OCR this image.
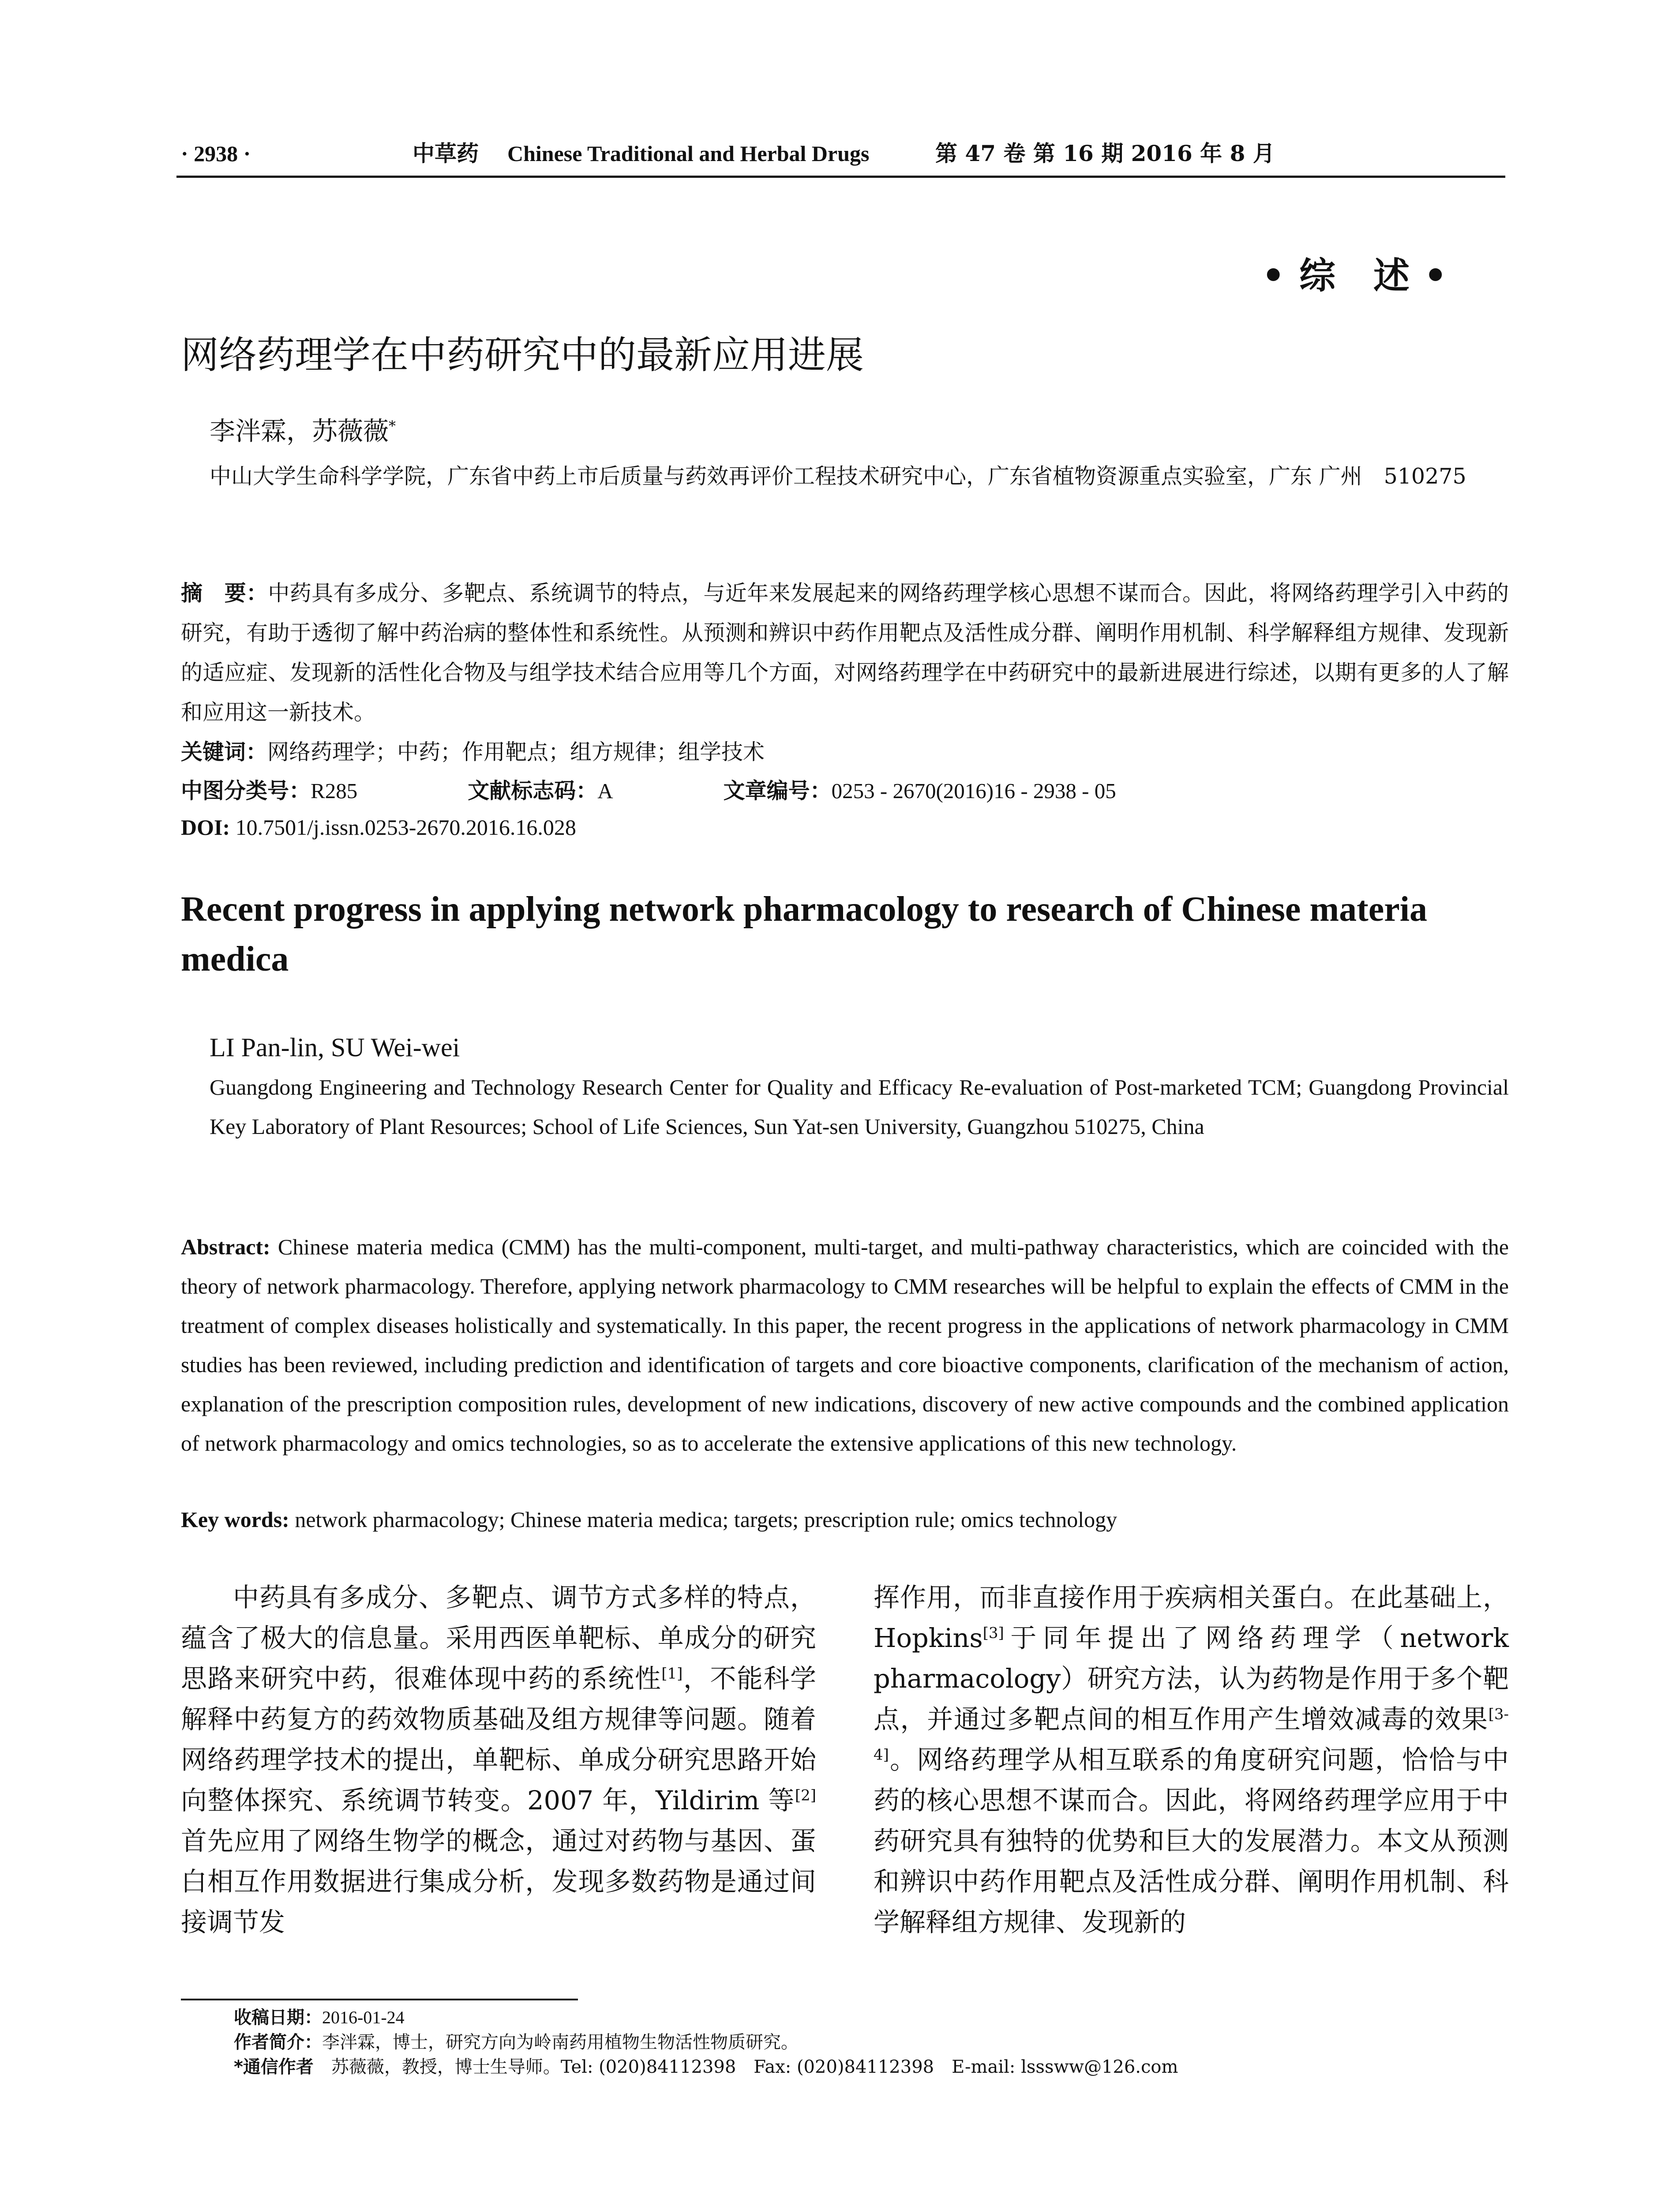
· 2938 ·	中草药 Chinese Traditional and Herbal Drugs	第 47 卷 第 16 期 2016 年 8 月
• 综　述 •
网络药理学在中药研究中的最新应用进展
李泮霖，苏薇薇*
中山大学生命科学学院，广东省中药上市后质量与药效再评价工程技术研究中心，广东省植物资源重点实验室，广东 广州　510275
摘　要：中药具有多成分、多靶点、系统调节的特点，与近年来发展起来的网络药理学核心思想不谋而合。因此，将网络药理学引入中药的研究，有助于透彻了解中药治病的整体性和系统性。从预测和辨识中药作用靶点及活性成分群、阐明作用机制、科学解释组方规律、发现新的适应症、发现新的活性化合物及与组学技术结合应用等几个方面，对网络药理学在中药研究中的最新进展进行综述，以期有更多的人了解和应用这一新技术。
关键词：网络药理学；中药；作用靶点；组方规律；组学技术
中图分类号：R285	文献标志码：A	文章编号：0253 - 2670(2016)16 - 2938 - 05
DOI: 10.7501/j.issn.0253-2670.2016.16.028
Recent progress in applying network pharmacology to research of Chinese materia medica
LI Pan-lin, SU Wei-wei
Guangdong Engineering and Technology Research Center for Quality and Efficacy Re-evaluation of Post-marketed TCM; Guangdong Provincial Key Laboratory of Plant Resources; School of Life Sciences, Sun Yat-sen University, Guangzhou 510275, China
Abstract: Chinese materia medica (CMM) has the multi-component, multi-target, and multi-pathway characteristics, which are coincided with the theory of network pharmacology. Therefore, applying network pharmacology to CMM researches will be helpful to explain the effects of CMM in the treatment of complex diseases holistically and systematically. In this paper, the recent progress in the applications of network pharmacology in CMM studies has been reviewed, including prediction and identification of targets and core bioactive components, clarification of the mechanism of action, explanation of the prescription composition rules, development of new indications, discovery of new active compounds and the combined application of network pharmacology and omics technologies, so as to accelerate the extensive applications of this new technology.
Key words: network pharmacology; Chinese materia medica; targets; prescription rule; omics technology
中药具有多成分、多靶点、调节方式多样的特点，蕴含了极大的信息量。采用西医单靶标、单成分的研究思路来研究中药，很难体现中药的系统性[1]，不能科学解释中药复方的药效物质基础及组方规律等问题。随着网络药理学技术的提出，单靶标、单成分研究思路开始向整体探究、系统调节转变。2007 年，Yildirim 等[2]首先应用了网络生物学的概念，通过对药物与基因、蛋白相互作用数据进行集成分析，发现多数药物是通过间接调节发
挥作用，而非直接作用于疾病相关蛋白。在此基础上，Hopkins[3]于同年提出了网络药理学（network pharmacology）研究方法，认为药物是作用于多个靶点，并通过多靶点间的相互作用产生增效减毒的效果[3-4]。网络药理学从相互联系的角度研究问题，恰恰与中药的核心思想不谋而合。因此，将网络药理学应用于中药研究具有独特的优势和巨大的发展潜力。本文从预测和辨识中药作用靶点及活性成分群、阐明作用机制、科学解释组方规律、发现新的
收稿日期：2016-01-24
作者简介：李泮霖，博士，研究方向为岭南药用植物生物活性物质研究。
*通信作者　 苏薇薇，教授，博士生导师。Tel: (020)84112398　Fax: (020)84112398　E-mail: lsssww@126.com
